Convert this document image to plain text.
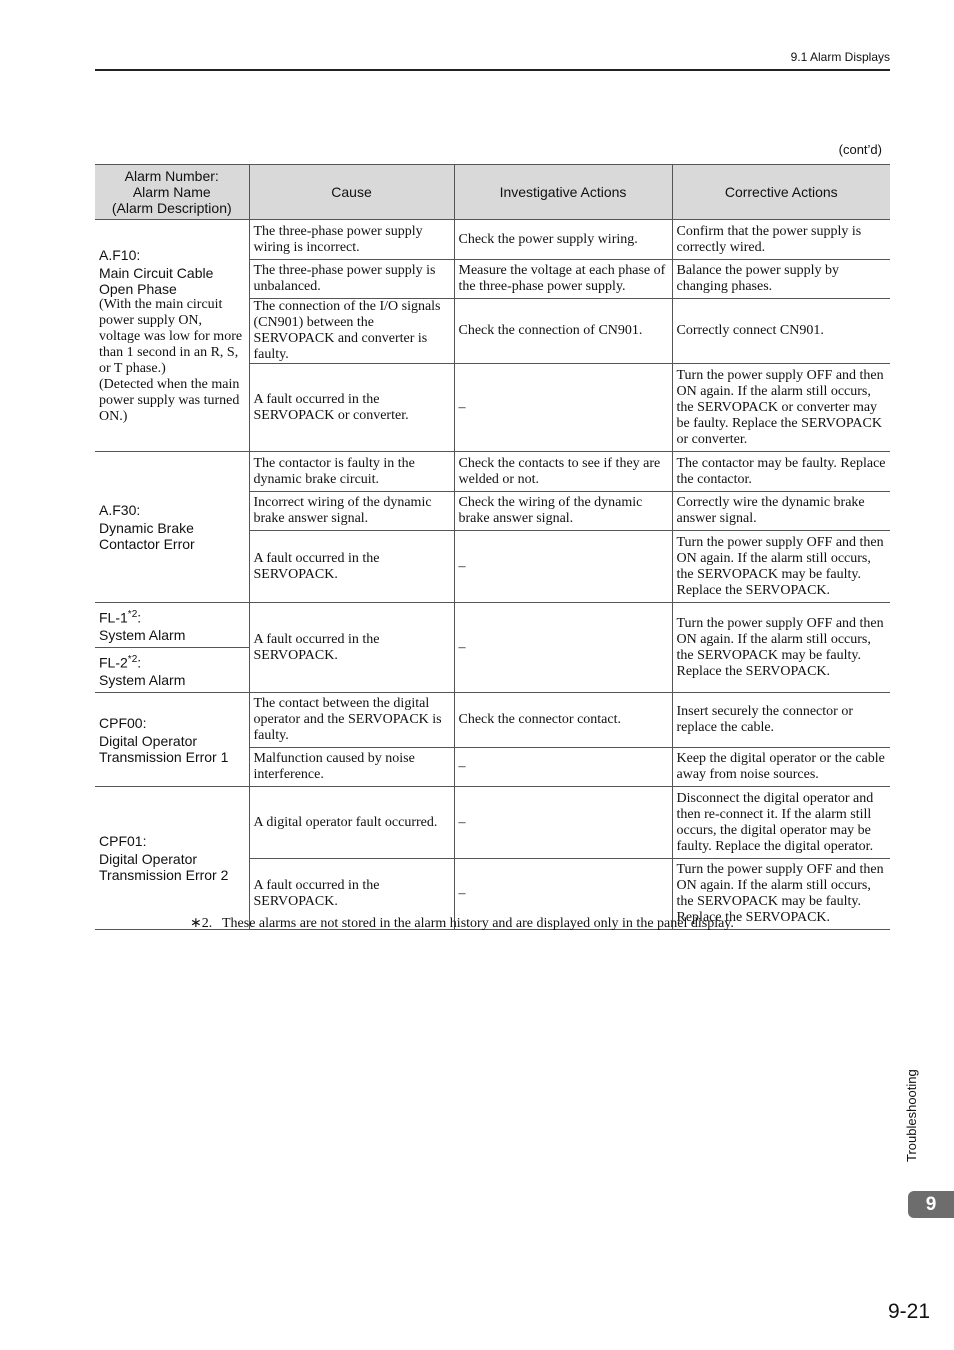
9.1 Alarm Displays
(cont’d)
Alarm Number:
Alarm Name
(Alarm Description)	Cause	Investigative Actions	Corrective Actions

A.F10:
Main Circuit Cable Open Phase
(With the main circuit power supply ON, voltage was low for more than 1 second in an R, S, or T phase.)
(Detected when the main power supply was turned ON.)	The three-phase power supply wiring is incorrect.	Check the power supply wiring.	Confirm that the power supply is correctly wired.
	The three-phase power supply is unbalanced.	Measure the voltage at each phase of the three-phase power supply.	Balance the power supply by changing phases.
	The connection of the I/O signals (CN901) between the SERVOPACK and converter is faulty.	Check the connection of CN901.	Correctly connect CN901.
	A fault occurred in the SERVOPACK or converter.	–	Turn the power supply OFF and then ON again. If the alarm still occurs, the SERVOPACK or converter may be faulty. Replace the SERVOPACK or converter.

A.F30:
Dynamic Brake Contactor Error	The contactor is faulty in the dynamic brake circuit.	Check the contacts to see if they are welded or not.	The contactor may be faulty. Replace the contactor.
	Incorrect wiring of the dynamic brake answer signal.	Check the wiring of the dynamic brake answer signal.	Correctly wire the dynamic brake answer signal.
	A fault occurred in the SERVOPACK.	–	Turn the power supply OFF and then ON again. If the alarm still occurs, the SERVOPACK may be faulty. Replace the SERVOPACK.

FL-1$^{*2}$:
System Alarm	A fault occurred in the SERVOPACK.	–	Turn the power supply OFF and then ON again. If the alarm still occurs, the SERVOPACK may be faulty. Replace the SERVOPACK.

FL-2$^{*2}$:
System Alarm			

CPF00:
Digital Operator Transmission Error 1	The contact between the digital operator and the SERVOPACK is faulty.	Check the connector contact.	Insert securely the connector or replace the cable.
	Malfunction caused by noise interference.	–	Keep the digital operator or the cable away from noise sources.

CPF01:
Digital Operator Transmission Error 2	A digital operator fault occurred.	–	Disconnect the digital operator and then re-connect it. If the alarm still occurs, the digital operator may be faulty. Replace the digital operator.
	A fault occurred in the SERVOPACK.	–	Turn the power supply OFF and then ON again. If the alarm still occurs, the SERVOPACK may be faulty. Replace the SERVOPACK.
∗2. These alarms are not stored in the alarm history and are displayed only in the panel display.
Troubleshooting
9
9-21
